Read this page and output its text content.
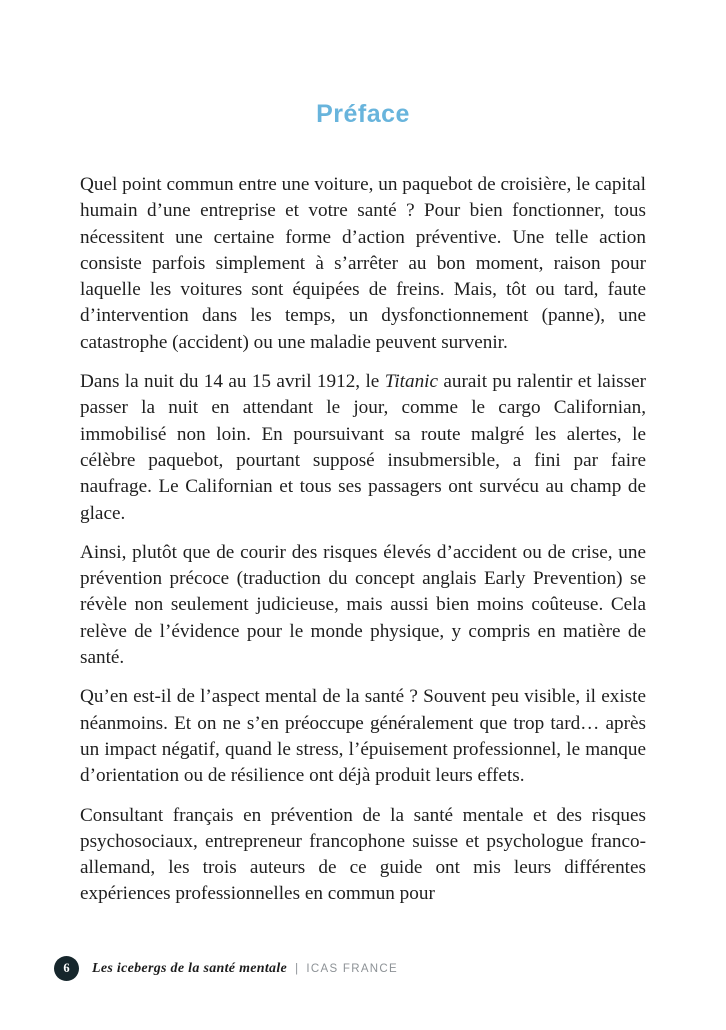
Préface

Quel point commun entre une voiture, un paquebot de croisière, le capital humain d’une entreprise et votre santé ? Pour bien fonctionner, tous nécessitent une certaine forme d’action préventive. Une telle action consiste parfois simplement à s’arrêter au bon moment, raison pour laquelle les voitures sont équipées de freins. Mais, tôt ou tard, faute d’intervention dans les temps, un dysfonctionnement (panne), une catastrophe (accident) ou une maladie peuvent survenir.

Dans la nuit du 14 au 15 avril 1912, le Titanic aurait pu ralentir et laisser passer la nuit en attendant le jour, comme le cargo Californian, immobilisé non loin. En poursuivant sa route malgré les alertes, le célèbre paquebot, pourtant supposé insubmersible, a fini par faire naufrage. Le Californian et tous ses passagers ont survécu au champ de glace.

Ainsi, plutôt que de courir des risques élevés d’accident ou de crise, une prévention précoce (traduction du concept anglais Early Prevention) se révèle non seulement judicieuse, mais aussi bien moins coûteuse. Cela relève de l’évidence pour le monde physique, y compris en matière de santé.

Qu’en est-il de l’aspect mental de la santé ? Souvent peu visible, il existe néanmoins. Et on ne s’en préoccupe généralement que trop tard… après un impact négatif, quand le stress, l’épuisement professionnel, le manque d’orientation ou de résilience ont déjà produit leurs effets.

Consultant français en prévention de la santé mentale et des risques psychosociaux, entrepreneur francophone suisse et psychologue franco-allemand, les trois auteurs de ce guide ont mis leurs différentes expériences professionnelles en commun pour

6	Les icebergs de la santé mentale | ICAS FRANCE
